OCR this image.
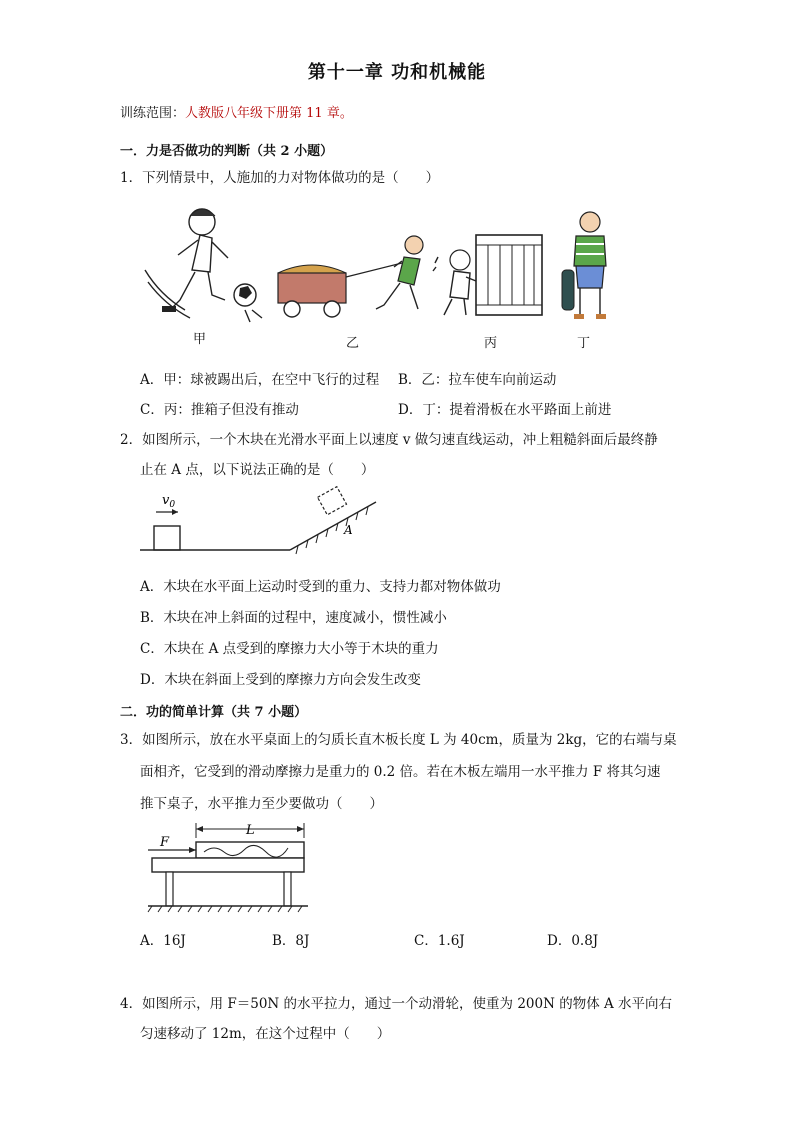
第十一章 功和机械能
训练范围：人教版八年级下册第 11 章。
一．力是否做功的判断（共 2 小题）
1．下列情景中，人施加的力对物体做功的是（　　）
甲	乙	丙	丁
A．甲：球被踢出后，在空中飞行的过程 B．乙：拉车使车向前运动
C．丙：推箱子但没有推动	D．丁：提着滑板在水平路面上前进
2．如图所示，一个木块在光滑水平面上以速度 v 做匀速直线运动，冲上粗糙斜面后最终静
止在 A 点，以下说法正确的是（　　）
$v_0$
A
A．木块在水平面上运动时受到的重力、支持力都对物体做功
B．木块在冲上斜面的过程中，速度减小，惯性减小
C．木块在 A 点受到的摩擦力大小等于木块的重力
D．木块在斜面上受到的摩擦力方向会发生改变
二．功的简单计算（共 7 小题）
3．如图所示，放在水平桌面上的匀质长直木板长度 L 为 40cm，质量为 2kg，它的右端与桌
面相齐，它受到的滑动摩擦力是重力的 0.2 倍。若在木板左端用一水平推力 F 将其匀速
推下桌子，水平推力至少要做功（　　）
L
F
A．16J	B．8J	C．1.6J	D．0.8J
4．如图所示，用 F＝50N 的水平拉力，通过一个动滑轮，使重为 200N 的物体 A 水平向右
匀速移动了 12m，在这个过程中（　　）
